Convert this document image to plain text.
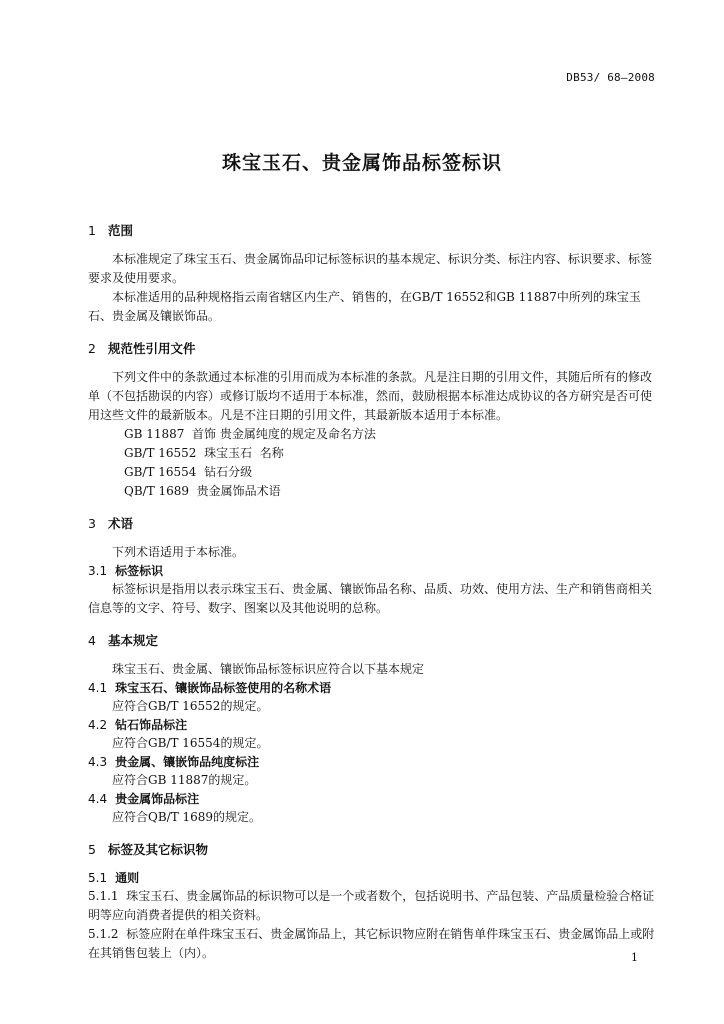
DB53/ 68—2008
珠宝玉石、贵金属饰品标签标识
1 范围

本标准规定了珠宝玉石、贵金属饰品印记标签标识的基本规定、标识分类、标注内容、标识要求、标签要求及使用要求。

本标准适用的品种规格指云南省辖区内生产、销售的，在GB/T 16552和GB 11887中所列的珠宝玉石、贵金属及镶嵌饰品。

2 规范性引用文件

下列文件中的条款通过本标准的引用而成为本标准的条款。凡是注日期的引用文件，其随后所有的修改单（不包括勘误的内容）或修订版均不适用于本标准，然而，鼓励根据本标准达成协议的各方研究是否可使用这些文件的最新版本。凡是不注日期的引用文件，其最新版本适用于本标准。

GB 11887  首饰 贵金属纯度的规定及命名方法
GB/T 16552  珠宝玉石  名称
GB/T 16554  钻石分级
QB/T 1689  贵金属饰品术语
3 术语

下列术语适用于本标准。

3.1 标签标识

标签标识是指用以表示珠宝玉石、贵金属、镶嵌饰品名称、品质、功效、使用方法、生产和销售商相关信息等的文字、符号、数字、图案以及其他说明的总称。

4 基本规定

珠宝玉石、贵金属、镶嵌饰品标签标识应符合以下基本规定

4.1 珠宝玉石、镶嵌饰品标签使用的名称术语

应符合GB/T 16552的规定。

4.2 钻石饰品标注

应符合GB/T 16554的规定。

4.3 贵金属、镶嵌饰品纯度标注

应符合GB 11887的规定。

4.4 贵金属饰品标注

应符合QB/T 1689的规定。

5 标签及其它标识物
5.1 通则

5.1.1 珠宝玉石、贵金属饰品的标识物可以是一个或者数个，包括说明书、产品包装、产品质量检验合格证明等应向消费者提供的相关资料。

5.1.2 标签应附在单件珠宝玉石、贵金属饰品上，其它标识物应附在销售单件珠宝玉石、贵金属饰品上或附在其销售包装上（内）。	1
